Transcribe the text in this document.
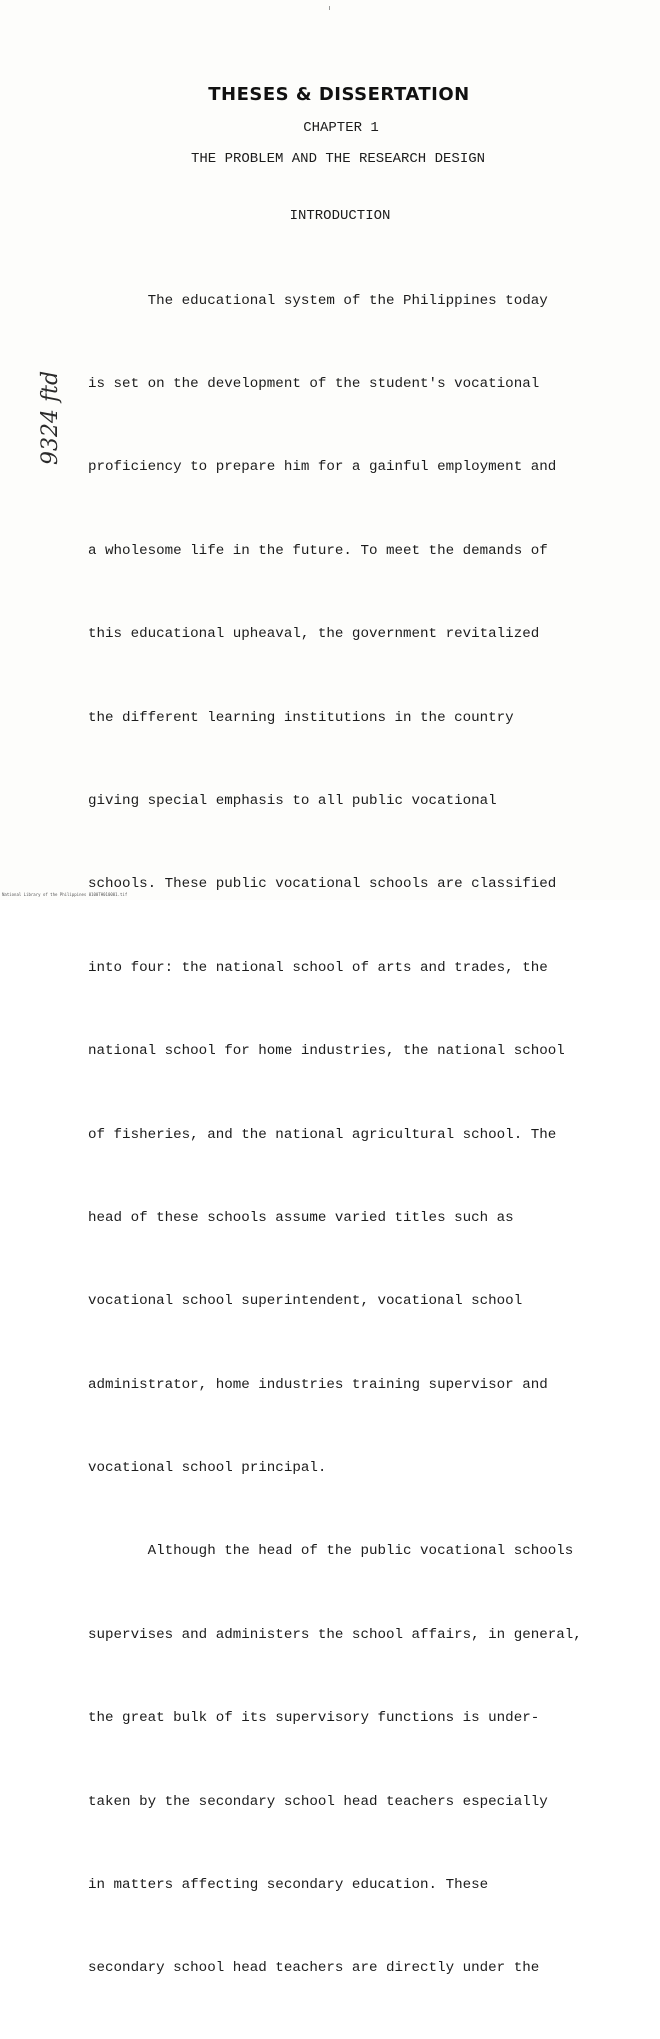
THESES & DISSERTATION
CHAPTER 1
THE PROBLEM AND THE RESEARCH DESIGN
INTRODUCTION

The educational system of the Philippines today

is set on the development of the student's vocational

proficiency to prepare him for a gainful employment and

a wholesome life in the future. To meet the demands of

this educational upheaval, the government revitalized

the different learning institutions in the country

giving special emphasis to all public vocational

schools. These public vocational schools are classified

into four: the national school of arts and trades, the

national school for home industries, the national school

of fisheries, and the national agricultural school. The

head of these schools assume varied titles such as

vocational school superintendent, vocational school

administrator, home industries training supervisor and

vocational school principal.

Although the head of the public vocational schools

supervises and administers the school affairs, in general,

the great bulk of its supervisory functions is under-

taken by the secondary school head teachers especially

in matters affecting secondary education. These

secondary school head teachers are directly under the

9324 ftd
National Library of the Philippines 0100TH010001.tif
